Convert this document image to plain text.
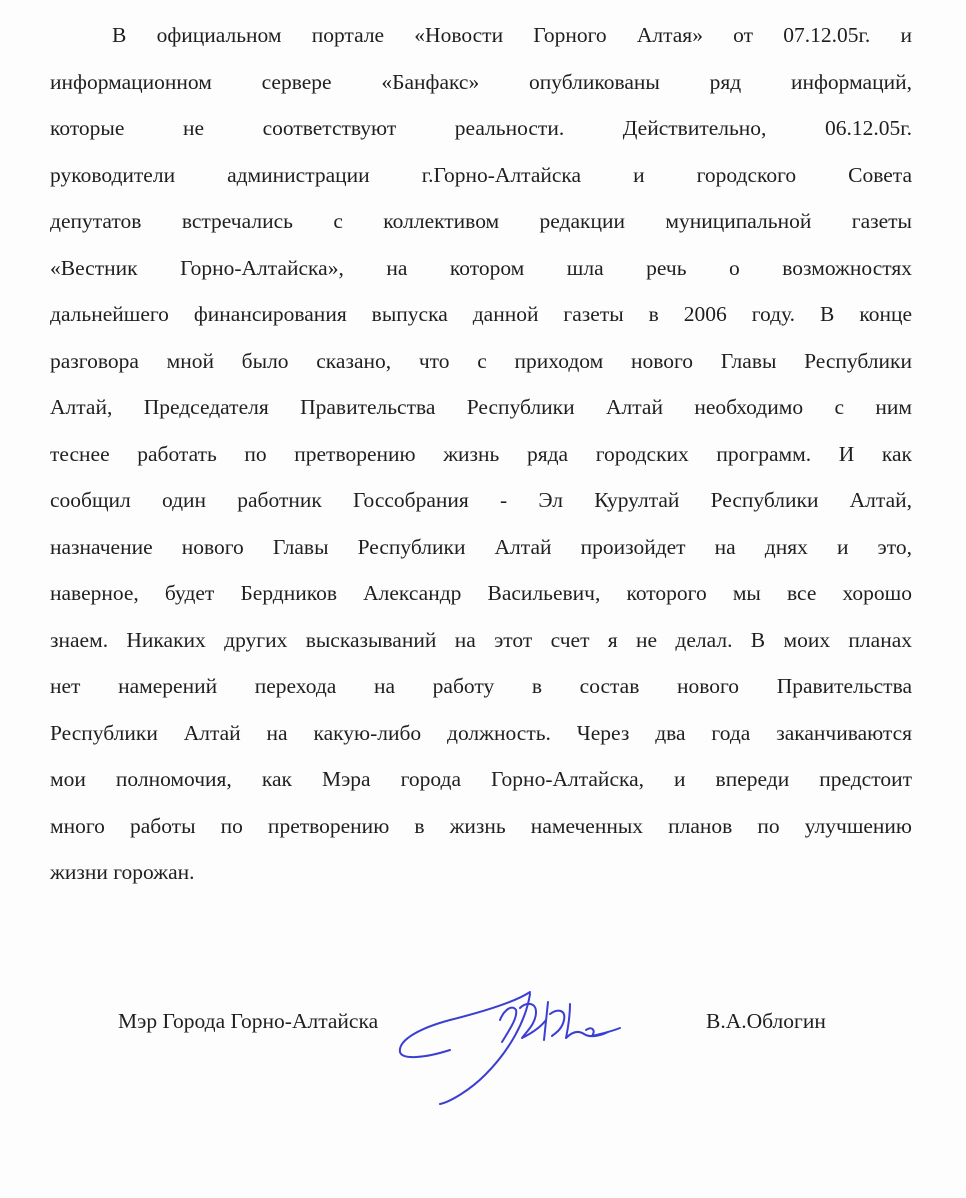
В официальном портале «Новости Горного Алтая» от 07.12.05г. и
информационном сервере «Банфакс» опубликованы ряд информаций,
которые не соответствуют реальности. Действительно, 06.12.05г.
руководители администрации г.Горно-Алтайска и городского Совета
депутатов встречались с коллективом редакции муниципальной газеты
«Вестник Горно-Алтайска», на котором шла речь о возможностях
дальнейшего финансирования выпуска данной газеты в 2006 году. В конце
разговора мной было сказано, что с приходом нового Главы Республики
Алтай, Председателя Правительства Республики Алтай необходимо с ним
теснее работать по претворению жизнь ряда городских программ. И как
сообщил один работник Госсобрания - Эл Курултай Республики Алтай,
назначение нового Главы Республики Алтай произойдет на днях и это,
наверное, будет Бердников Александр Васильевич, которого мы все хорошо
знаем. Никаких других высказываний на этот счет я не делал. В моих планах
нет намерений перехода на работу в состав нового Правительства
Республики Алтай на какую-либо должность. Через два года заканчиваются
мои полномочия, как Мэра города Горно-Алтайска, и впереди предстоит
много работы по претворению в жизнь намеченных планов по улучшению
жизни горожан.
Мэр Города Горно-Алтайска	В.А.Облогин
